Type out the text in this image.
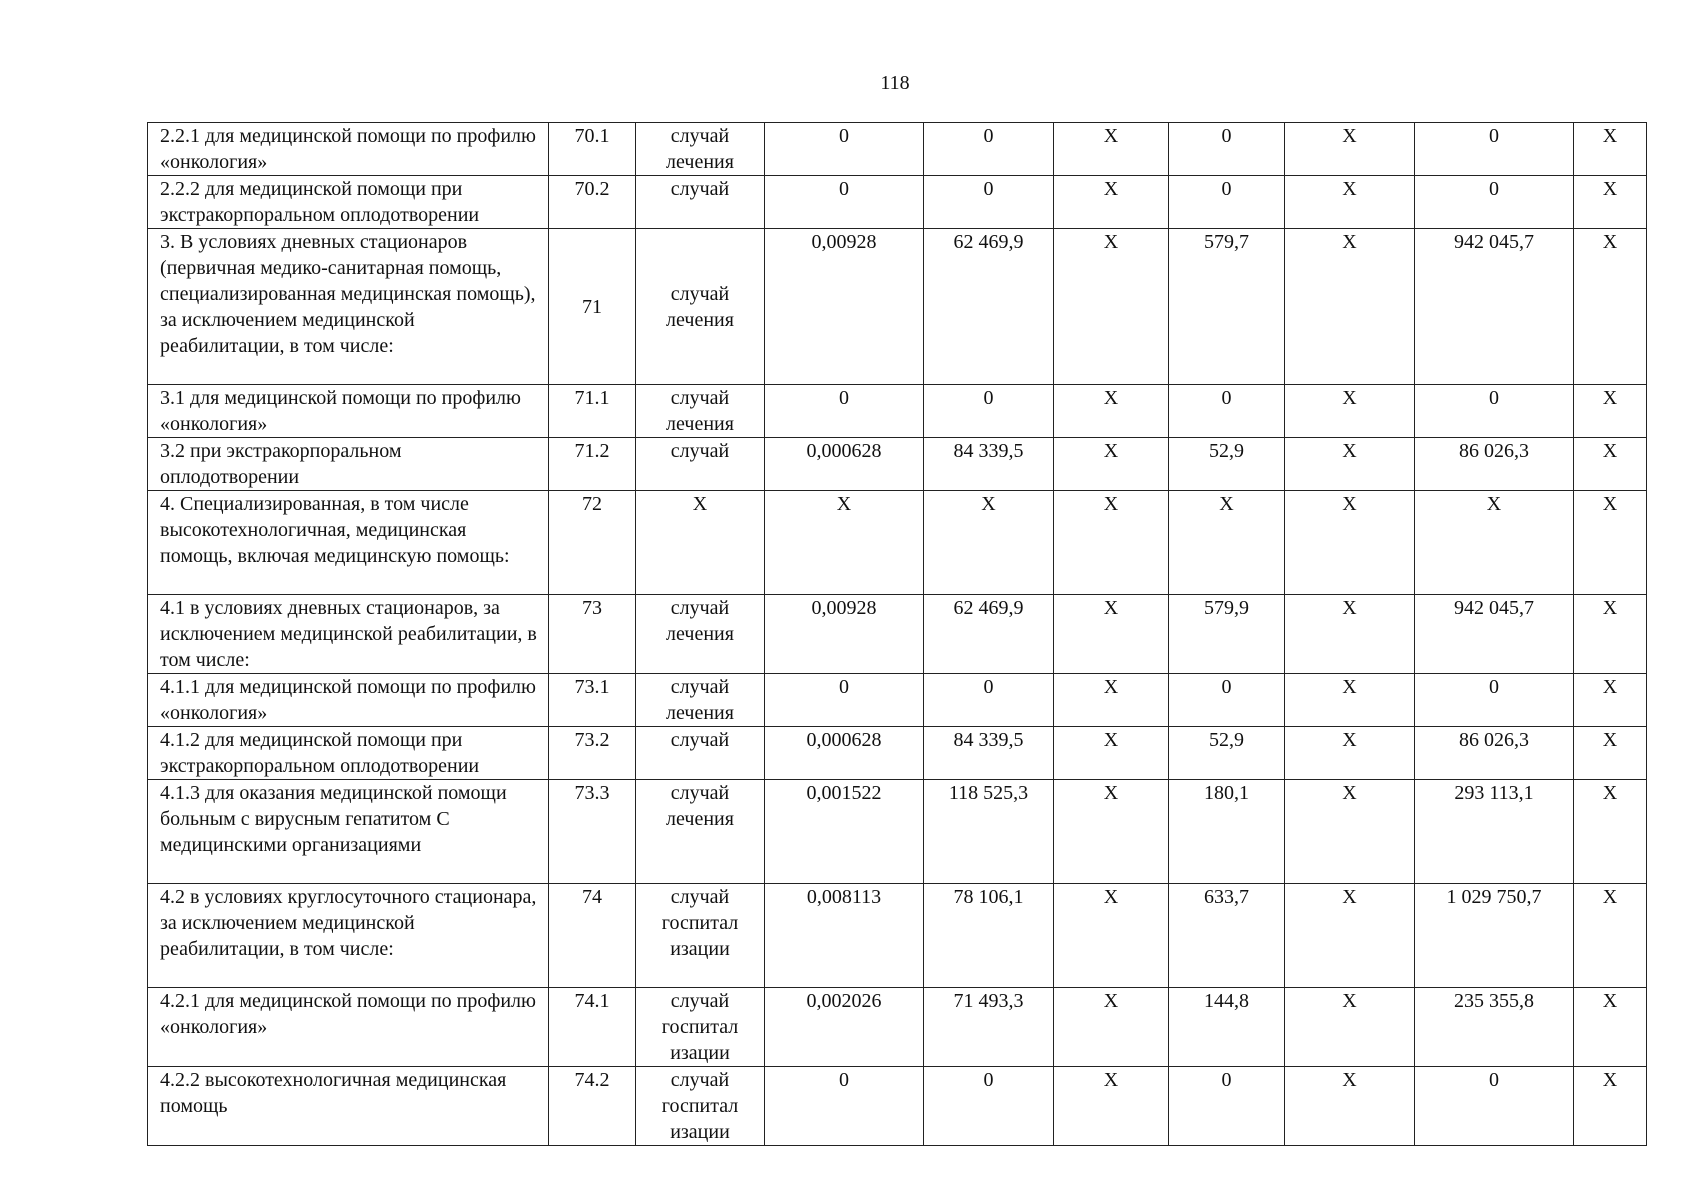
118
2.2.1 для медицинской помощи по профилю «онкология»	70.1	случай лечения	0	0	Х	0	Х	0	Х
2.2.2 для медицинской помощи при экстракорпоральном оплодотворении	70.2	случай	0	0	Х	0	Х	0	Х
3. В условиях дневных стационаров (первичная медико-санитарная помощь, специализированная медицинская помощь), за исключением медицинской реабилитации, в том числе:	71	случай лечения	0,00928	62 469,9	Х	579,7	Х	942 045,7	Х
3.1 для медицинской помощи по профилю «онкология»	71.1	случай лечения	0	0	Х	0	Х	0	Х
3.2 при экстракорпоральном оплодотворении	71.2	случай	0,000628	84 339,5	Х	52,9	Х	86 026,3	Х
4. Специализированная, в том числе высокотехнологичная, медицинская помощь, включая медицинскую помощь:	72	Х	Х	Х	Х	Х	Х	Х	Х
4.1 в условиях дневных стационаров, за исключением медицинской реабилитации, в том числе:	73	случай лечения	0,00928	62 469,9	Х	579,9	Х	942 045,7	Х
4.1.1 для медицинской помощи по профилю «онкология»	73.1	случай лечения	0	0	Х	0	Х	0	Х
4.1.2 для медицинской помощи при экстракорпоральном оплодотворении	73.2	случай	0,000628	84 339,5	Х	52,9	Х	86 026,3	Х
4.1.3 для оказания медицинской помощи больным с вирусным гепатитом С медицинскими организациями	73.3	случай лечения	0,001522	118 525,3	Х	180,1	Х	293 113,1	Х
4.2 в условиях круглосуточного стационара, за исключением медицинской реабилитации, в том числе:	74	случай госпитал изации	0,008113	78 106,1	Х	633,7	Х	1 029 750,7	Х
4.2.1 для медицинской помощи по профилю «онкология»	74.1	случай госпитал изации	0,002026	71 493,3	Х	144,8	Х	235 355,8	Х
4.2.2 высокотехнологичная медицинская помощь	74.2	случай госпитал изации	0	0	Х	0	Х	0	Х
